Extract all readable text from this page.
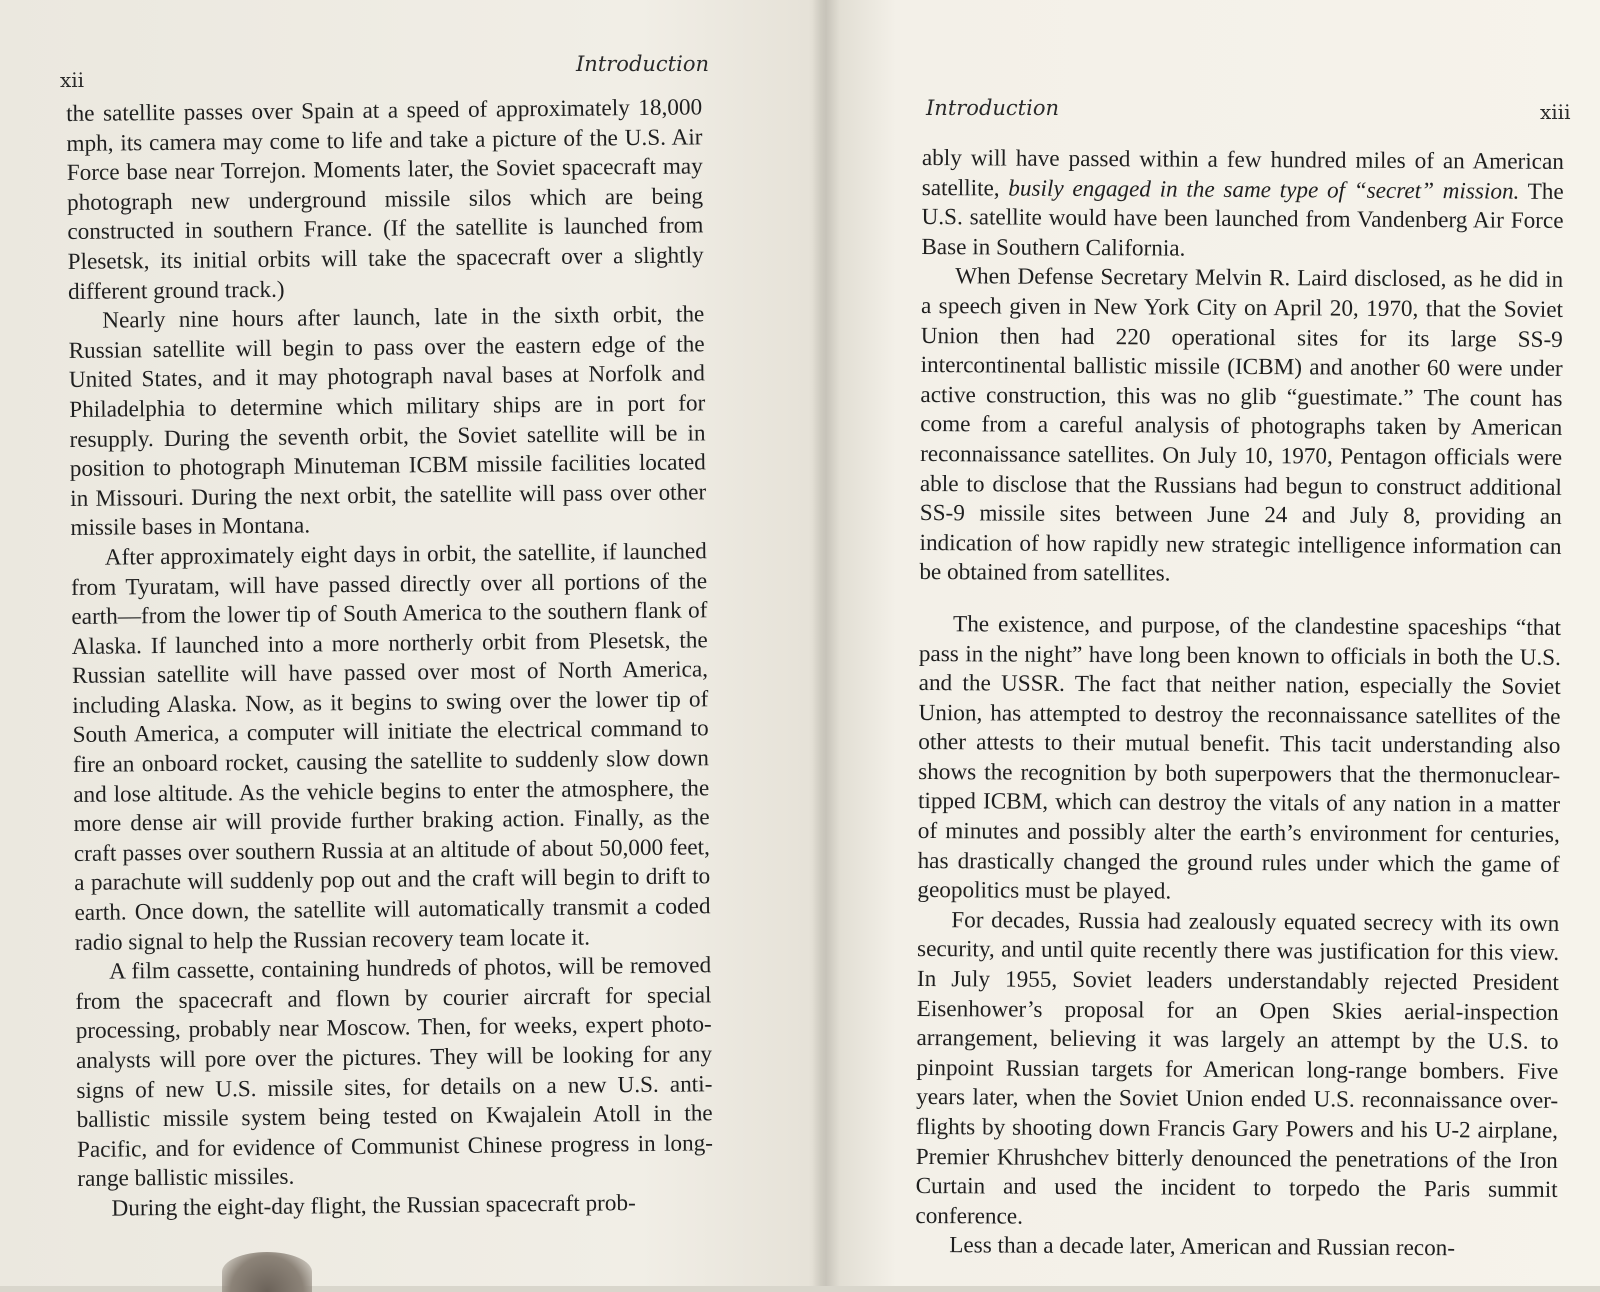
xii
Introduction

the satellite passes over Spain at a speed of approximately 18,000 mph, its camera may come to life and take a picture of the U.S. Air Force base near Torrejon. Moments later, the Soviet spacecraft may photograph new underground missile silos which are being constructed in southern France. (If the satellite is launched from Plesetsk, its initial orbits will take the spacecraft over a slightly different ground track.)

Nearly nine hours after launch, late in the sixth orbit, the Russian satellite will begin to pass over the eastern edge of the United States, and it may photograph naval bases at Norfolk and Philadelphia to determine which military ships are in port for resupply. During the seventh orbit, the Soviet satellite will be in position to photograph Minuteman ICBM missile facilities located in Missouri. During the next orbit, the satellite will pass over other missile bases in Montana.

After approximately eight days in orbit, the satellite, if launched from Tyuratam, will have passed directly over all portions of the earth—from the lower tip of South America to the southern flank of Alaska. If launched into a more northerly orbit from Plesetsk, the Russian satellite will have passed over most of North America, including Alaska. Now, as it begins to swing over the lower tip of South America, a computer will initiate the electrical command to fire an onboard rocket, causing the satellite to suddenly slow down and lose altitude. As the vehicle begins to enter the atmosphere, the more dense air will provide further braking action. Finally, as the craft passes over southern Russia at an altitude of about 50,000 feet, a parachute will suddenly pop out and the craft will begin to drift to earth. Once down, the satellite will automatically transmit a coded radio signal to help the Russian recovery team locate it.

A film cassette, containing hundreds of photos, will be removed from the spacecraft and flown by courier aircraft for special processing, probably near Moscow. Then, for weeks, expert photo-analysts will pore over the pictures. They will be looking for any signs of new U.S. missile sites, for details on a new U.S. anti-ballistic missile system being tested on Kwajalein Atoll in the Pacific, and for evidence of Communist Chinese progress in long-range ballistic missiles.

During the eight-day flight, the Russian spacecraft prob-

Introduction	xiii

ably will have passed within a few hundred miles of an American satellite, busily engaged in the same type of “secret” mission. The U.S. satellite would have been launched from Vandenberg Air Force Base in Southern California.

When Defense Secretary Melvin R. Laird disclosed, as he did in a speech given in New York City on April 20, 1970, that the Soviet Union then had 220 operational sites for its large SS-9 intercontinental ballistic missile (ICBM) and another 60 were under active construction, this was no glib “guestimate.” The count has come from a careful analysis of photographs taken by American reconnaissance satellites. On July 10, 1970, Pentagon officials were able to disclose that the Russians had begun to construct additional SS-9 missile sites between June 24 and July 8, providing an indication of how rapidly new strategic intelligence information can be obtained from satellites.

The existence, and purpose, of the clandestine spaceships “that pass in the night” have long been known to officials in both the U.S. and the USSR. The fact that neither nation, especially the Soviet Union, has attempted to destroy the reconnaissance satellites of the other attests to their mutual benefit. This tacit understanding also shows the recognition by both superpowers that the thermonuclear-tipped ICBM, which can destroy the vitals of any nation in a matter of minutes and possibly alter the earth’s environment for centuries, has drastically changed the ground rules under which the game of geopolitics must be played.

For decades, Russia had zealously equated secrecy with its own security, and until quite recently there was justification for this view. In July 1955, Soviet leaders understandably rejected President Eisenhower’s proposal for an Open Skies aerial-inspection arrangement, believing it was largely an attempt by the U.S. to pinpoint Russian targets for American long-range bombers. Five years later, when the Soviet Union ended U.S. reconnaissance over-flights by shooting down Francis Gary Powers and his U-2 airplane, Premier Khrushchev bitterly denounced the penetrations of the Iron Curtain and used the incident to torpedo the Paris summit conference.

Less than a decade later, American and Russian recon-
